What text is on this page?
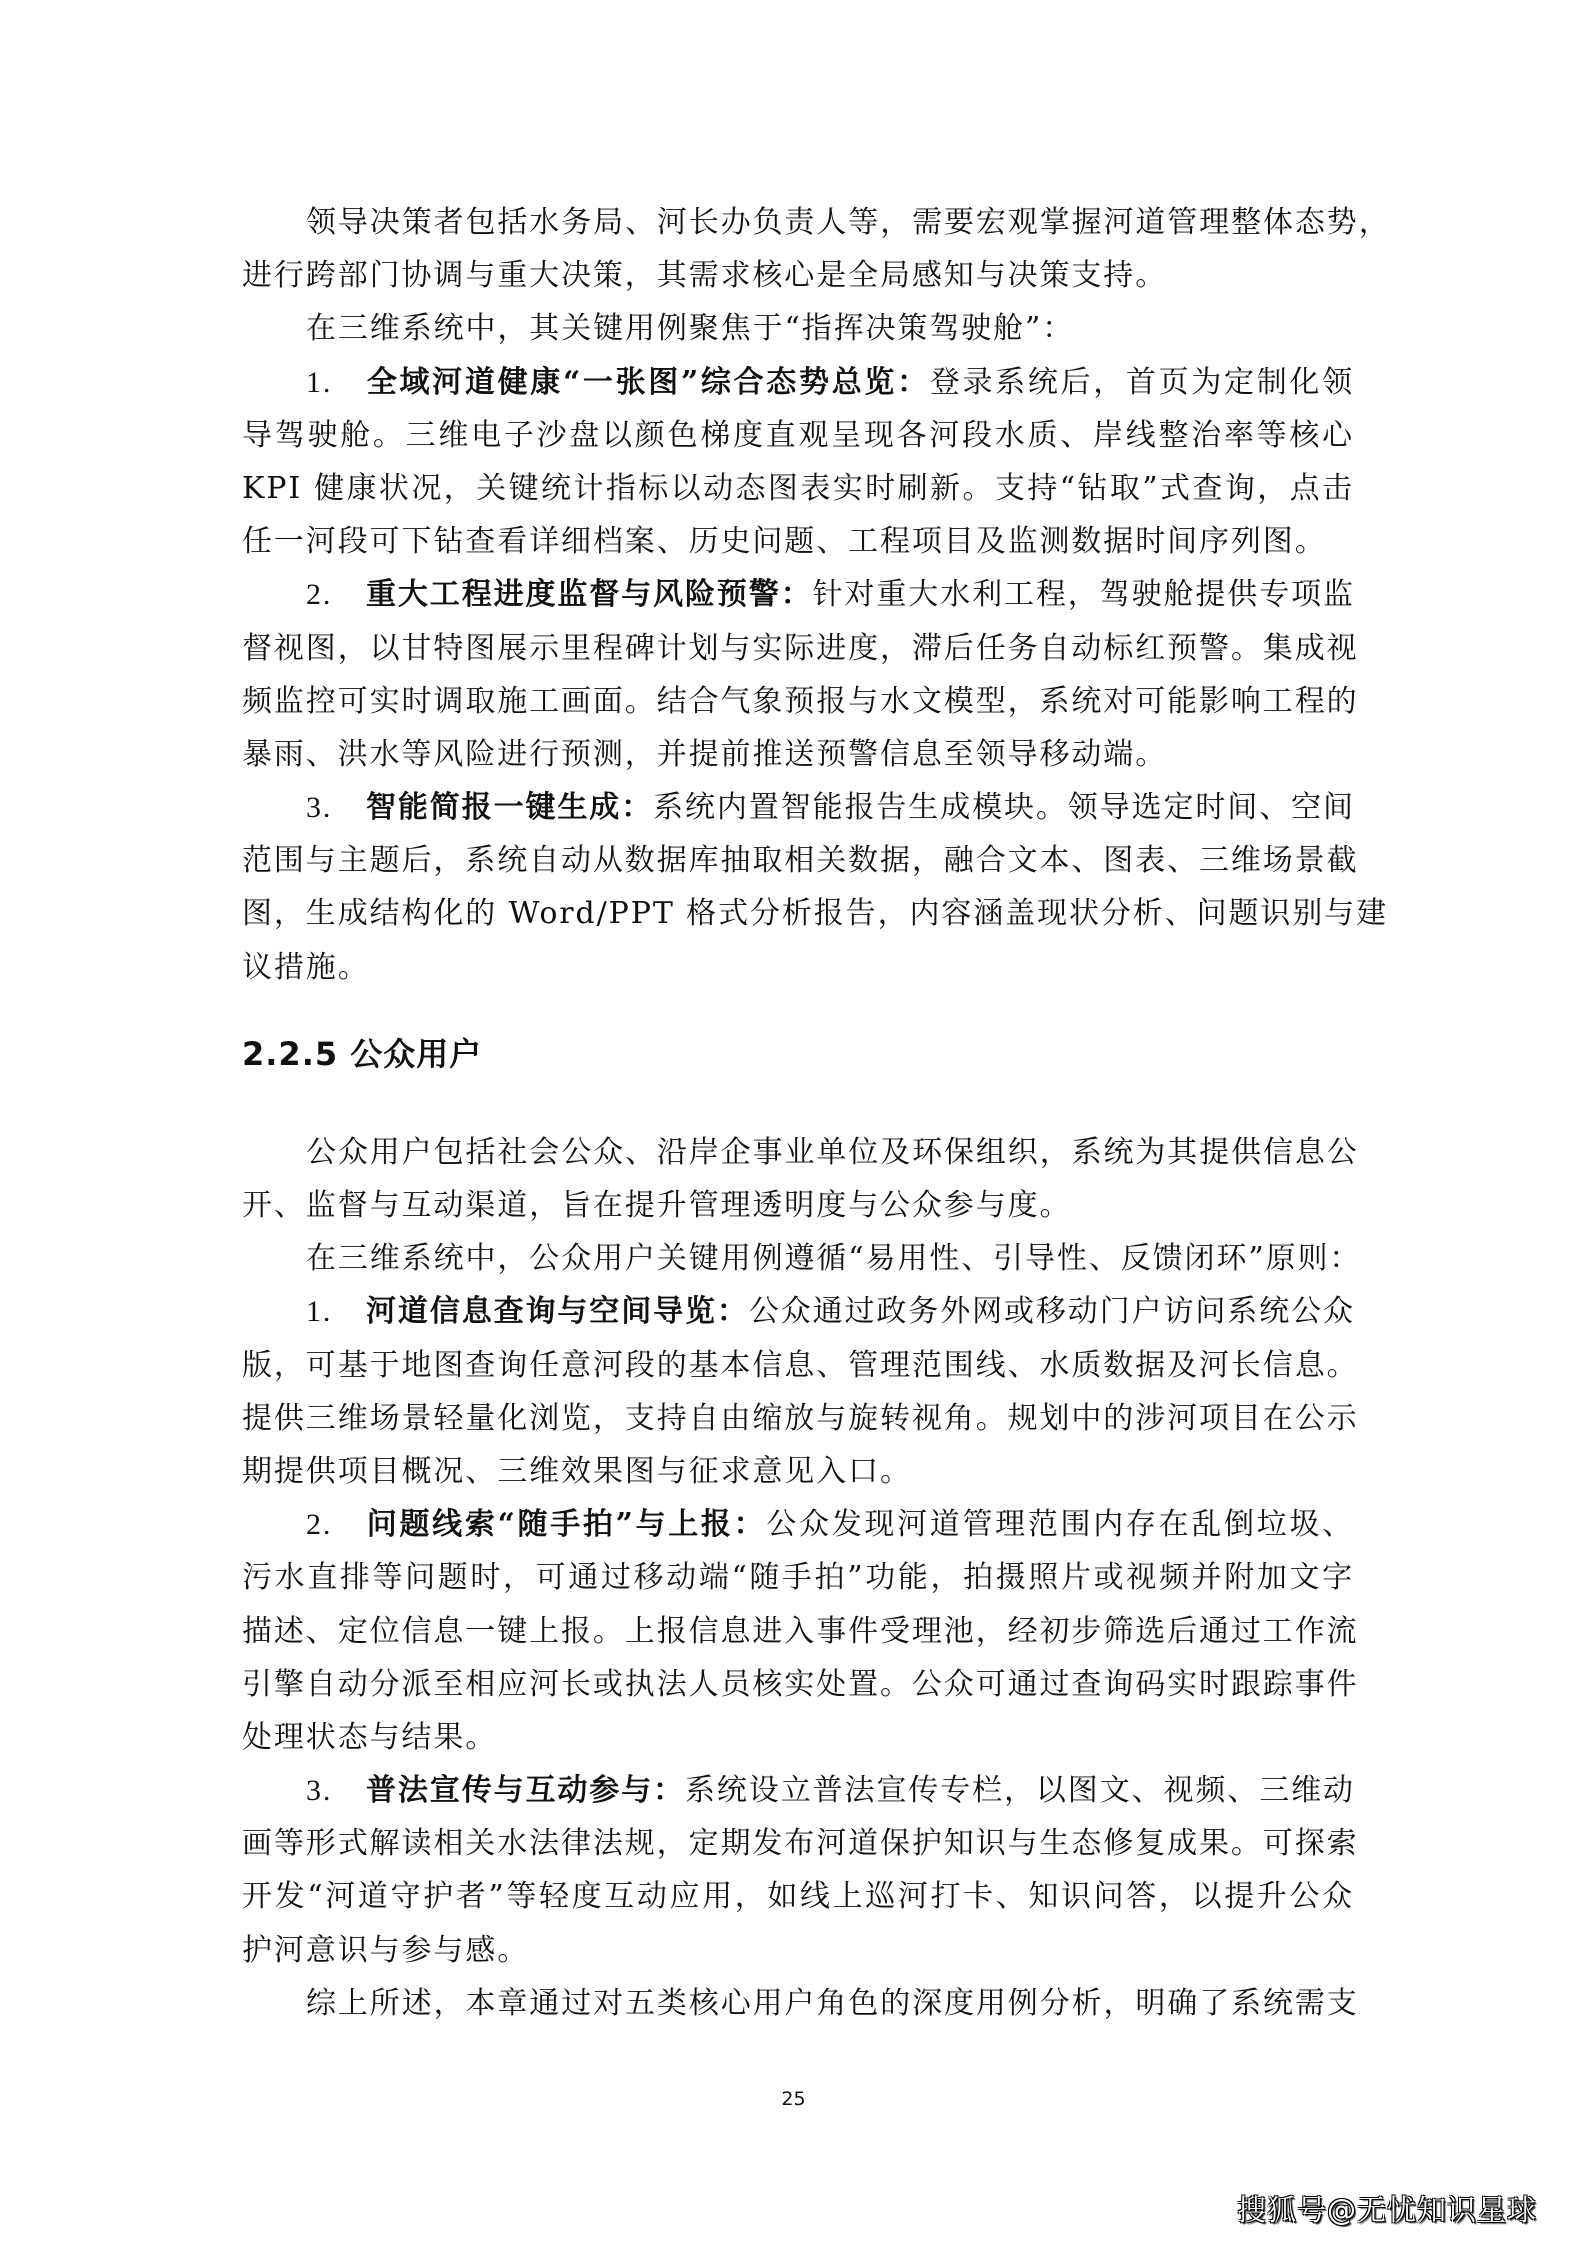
领导决策者包括水务局、河长办负责人等，需要宏观掌握河道管理整体态势，
进行跨部门协调与重大决策，其需求核心是全局感知与决策支持。
在三维系统中，其关键用例聚焦于“指挥决策驾驶舱”：
1. 全域河道健康“一张图”综合态势总览：登录系统后，首页为定制化领
导驾驶舱。三维电子沙盘以颜色梯度直观呈现各河段水质、岸线整治率等核心
KPI 健康状况，关键统计指标以动态图表实时刷新。支持“钻取”式查询，点击
任一河段可下钻查看详细档案、历史问题、工程项目及监测数据时间序列图。
2. 重大工程进度监督与风险预警：针对重大水利工程，驾驶舱提供专项监
督视图，以甘特图展示里程碑计划与实际进度，滞后任务自动标红预警。集成视
频监控可实时调取施工画面。结合气象预报与水文模型，系统对可能影响工程的
暴雨、洪水等风险进行预测，并提前推送预警信息至领导移动端。
3. 智能简报一键生成：系统内置智能报告生成模块。领导选定时间、空间
范围与主题后，系统自动从数据库抽取相关数据，融合文本、图表、三维场景截
图，生成结构化的 Word/PPT 格式分析报告，内容涵盖现状分析、问题识别与建
议措施。
2.2.5 公众用户
公众用户包括社会公众、沿岸企事业单位及环保组织，系统为其提供信息公
开、监督与互动渠道，旨在提升管理透明度与公众参与度。
在三维系统中，公众用户关键用例遵循“易用性、引导性、反馈闭环”原则：
1. 河道信息查询与空间导览：公众通过政务外网或移动门户访问系统公众
版，可基于地图查询任意河段的基本信息、管理范围线、水质数据及河长信息。
提供三维场景轻量化浏览，支持自由缩放与旋转视角。规划中的涉河项目在公示
期提供项目概况、三维效果图与征求意见入口。
2. 问题线索“随手拍”与上报：公众发现河道管理范围内存在乱倒垃圾、
污水直排等问题时，可通过移动端“随手拍”功能，拍摄照片或视频并附加文字
描述、定位信息一键上报。上报信息进入事件受理池，经初步筛选后通过工作流
引擎自动分派至相应河长或执法人员核实处置。公众可通过查询码实时跟踪事件
处理状态与结果。
3. 普法宣传与互动参与：系统设立普法宣传专栏，以图文、视频、三维动
画等形式解读相关水法律法规，定期发布河道保护知识与生态修复成果。可探索
开发“河道守护者”等轻度互动应用，如线上巡河打卡、知识问答，以提升公众
护河意识与参与感。
综上所述，本章通过对五类核心用户角色的深度用例分析，明确了系统需支
25
搜狐号@无忧知识星球
